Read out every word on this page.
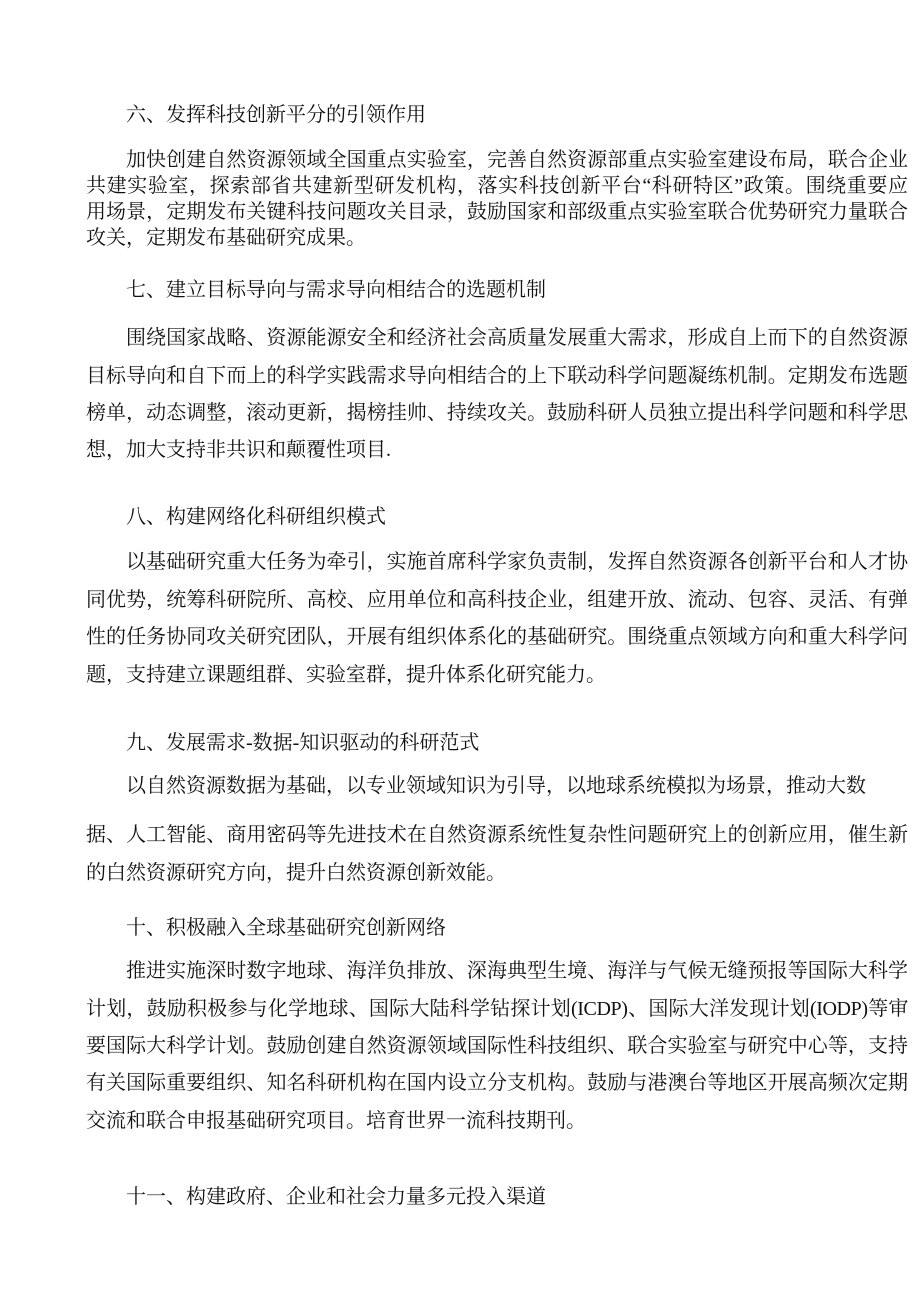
六、发挥科技创新平分的引领作用

加快创建自然资源领域全国重点实验室，完善自然资源部重点实验室建设布局，联合企业

共建实验室，探索部省共建新型研发机构，落实科技创新平台“科研特区”政策。围绕重要应

用场景，定期发布关键科技问题攻关目录，鼓励国家和部级重点实验室联合优势研究力量联合

攻关，定期发布基础研究成果。

七、建立目标导向与需求导向相结合的选题机制

围绕国家战略、资源能源安全和经济社会高质量发展重大需求，形成自上而下的自然资源

目标导向和自下而上的科学实践需求导向相结合的上下联动科学问题凝练机制。定期发布选题

榜单，动态调整，滚动更新，揭榜挂帅、持续攻关。鼓励科研人员独立提出科学问题和科学思

想，加大支持非共识和颠覆性项目.

八、构建网络化科研组织模式

以基础研究重大任务为牵引，实施首席科学家负责制，发挥自然资源各创新平台和人才协

同优势，统筹科研院所、高校、应用单位和高科技企业，组建开放、流动、包容、灵活、有弹

性的任务协同攻关研究团队，开展有组织体系化的基础研究。围绕重点领域方向和重大科学问

题，支持建立课题组群、实验室群，提升体系化研究能力。

九、发展需求-数据-知识驱动的科研范式

以自然资源数据为基础，以专业领域知识为引导，以地球系统模拟为场景，推动大数

据、人工智能、商用密码等先进技术在自然资源系统性复杂性问题研究上的创新应用，催生新

的白然资源研究方向，提升白然资源创新效能。

十、积极融入全球基础研究创新网络

推进实施深时数字地球、海洋负排放、深海典型生境、海洋与气候无缝预报等国际大科学

计划，鼓励积极参与化学地球、国际大陆科学钻探计划(ICDP)、国际大洋发现计划(IODP)等审

要国际大科学计划。鼓励创建自然资源领域国际性科技组织、联合实验室与研究中心等，支持

有关国际重要组织、知名科研机构在国内设立分支机构。鼓励与港澳台等地区开展高频次定期

交流和联合申报基础研究项目。培育世界一流科技期刊。

十一、构建政府、企业和社会力量多元投入渠道
